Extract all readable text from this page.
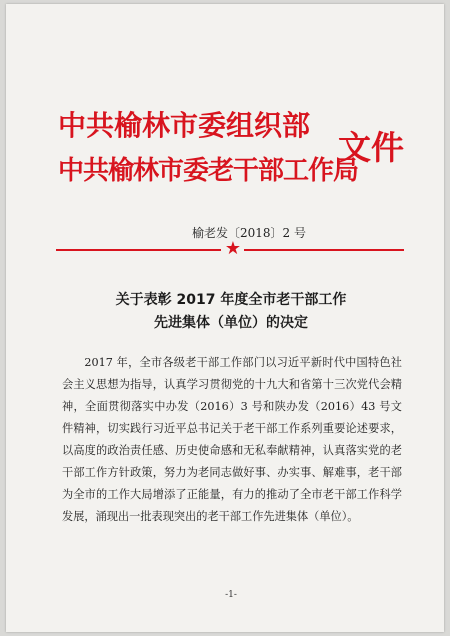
中共榆林市委组织部
中共榆林市委老干部工作局
文件
榆老发〔2018〕2 号
★
关于表彰 2017 年度全市老干部工作
先进集体（单位）的决定
2017 年，全市各级老干部工作部门以习近平新时代中国特色社会主义思想为指导，认真学习贯彻党的十九大和省第十三次党代会精神，全面贯彻落实中办发（2016）3 号和陕办发（2016）43 号文件精神，切实践行习近平总书记关于老干部工作系列重要论述要求，以高度的政治责任感、历史使命感和无私奉献精神，认真落实党的老干部工作方针政策，努力为老同志做好事、办实事、解难事，老干部为全市的工作大局增添了正能量，有力的推动了全市老干部工作科学发展，涌现出一批表现突出的老干部工作先进集体（单位）。
-1-
